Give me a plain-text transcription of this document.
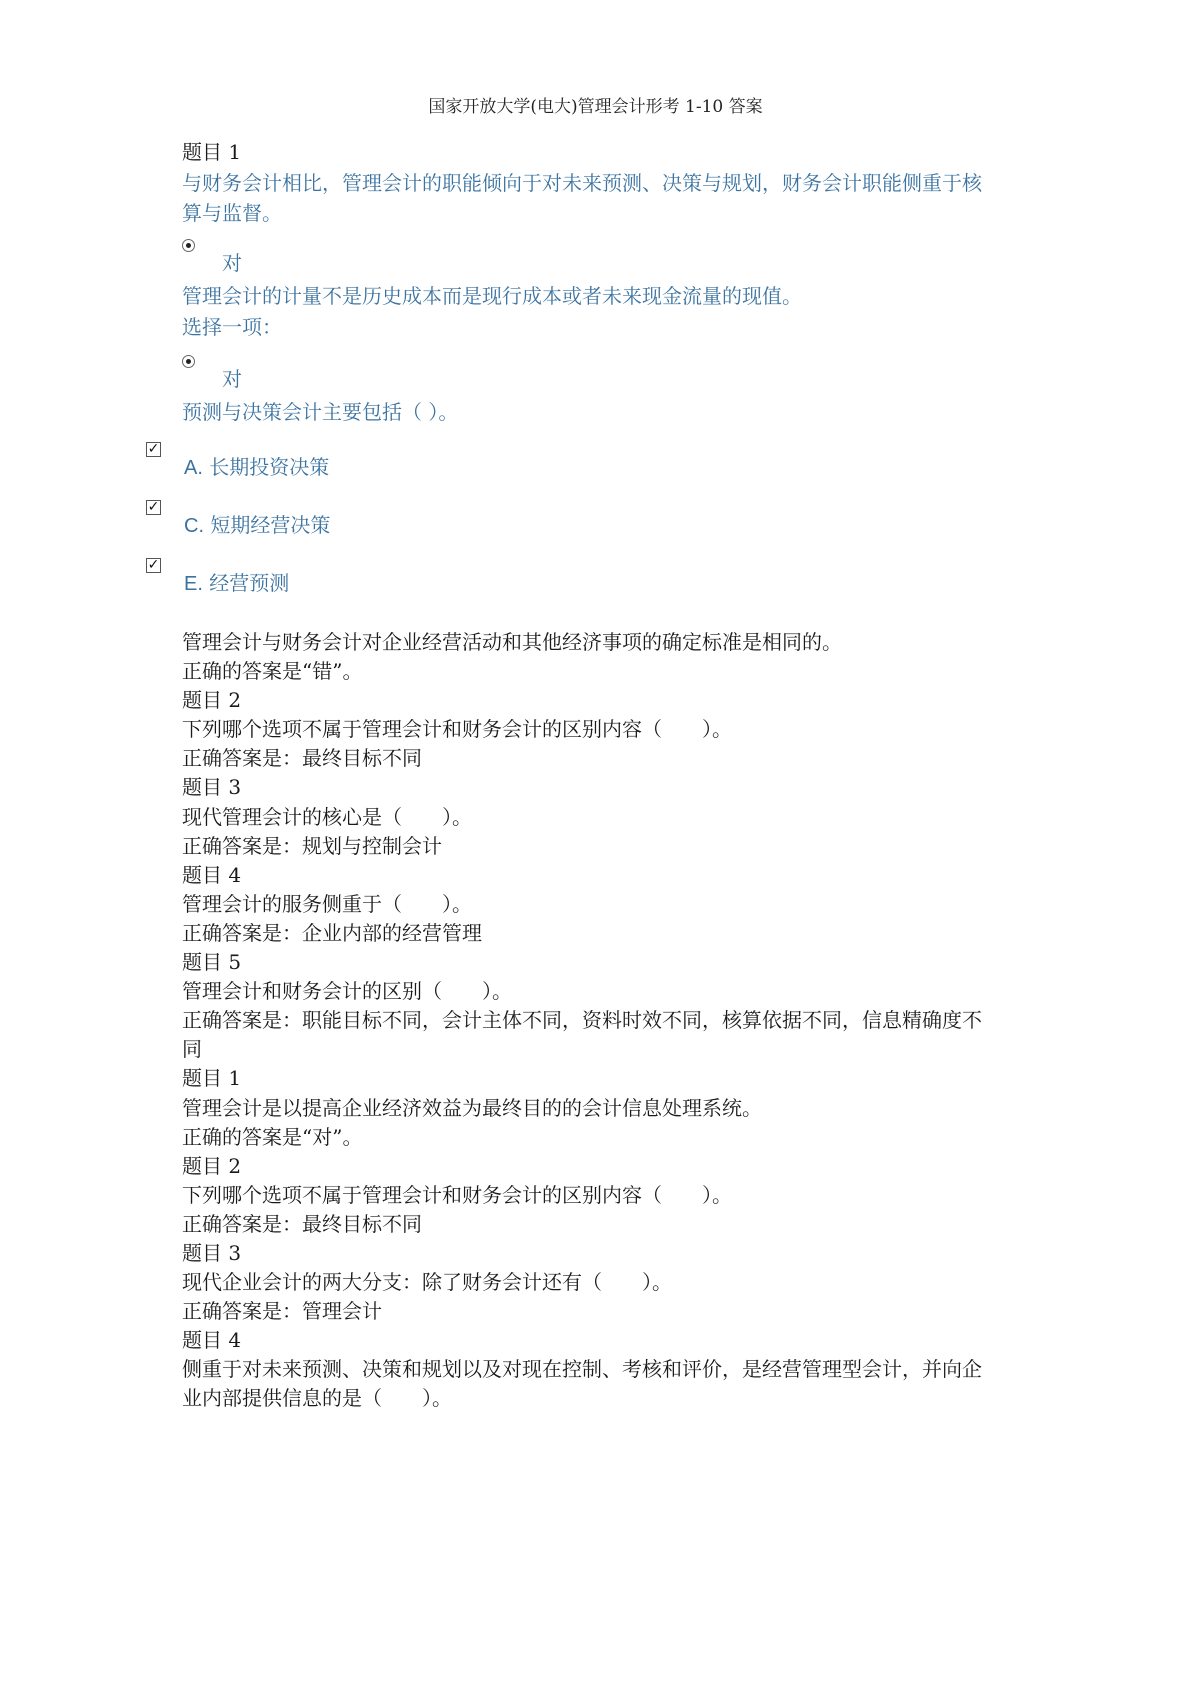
国家开放大学(电大)管理会计形考 1-10 答案
题目 1
与财务会计相比，管理会计的职能倾向于对未来预测、决策与规划，财务会计职能侧重于核算与监督。
对
管理会计的计量不是历史成本而是现行成本或者未来现金流量的现值。
选择一项：
对
预测与决策会计主要包括（ ）。
✓
A. 长期投资决策
✓
C. 短期经营决策
✓
E. 经营预测
管理会计与财务会计对企业经营活动和其他经济事项的确定标准是相同的。
正确的答案是“错”。
题目 2
下列哪个选项不属于管理会计和财务会计的区别内容（　　）。
正确答案是：最终目标不同
题目 3
现代管理会计的核心是（　　）。
正确答案是：规划与控制会计
题目 4
管理会计的服务侧重于（　　）。
正确答案是：企业内部的经营管理
题目 5
管理会计和财务会计的区别（　　）。
正确答案是：职能目标不同，会计主体不同，资料时效不同，核算依据不同，信息精确度不
同
题目 1
管理会计是以提高企业经济效益为最终目的的会计信息处理系统。
正确的答案是“对”。
题目 2
下列哪个选项不属于管理会计和财务会计的区别内容（　　）。
正确答案是：最终目标不同
题目 3
现代企业会计的两大分支：除了财务会计还有（　　）。
正确答案是：管理会计
题目 4
侧重于对未来预测、决策和规划以及对现在控制、考核和评价，是经营管理型会计，并向企
业内部提供信息的是（　　）。
